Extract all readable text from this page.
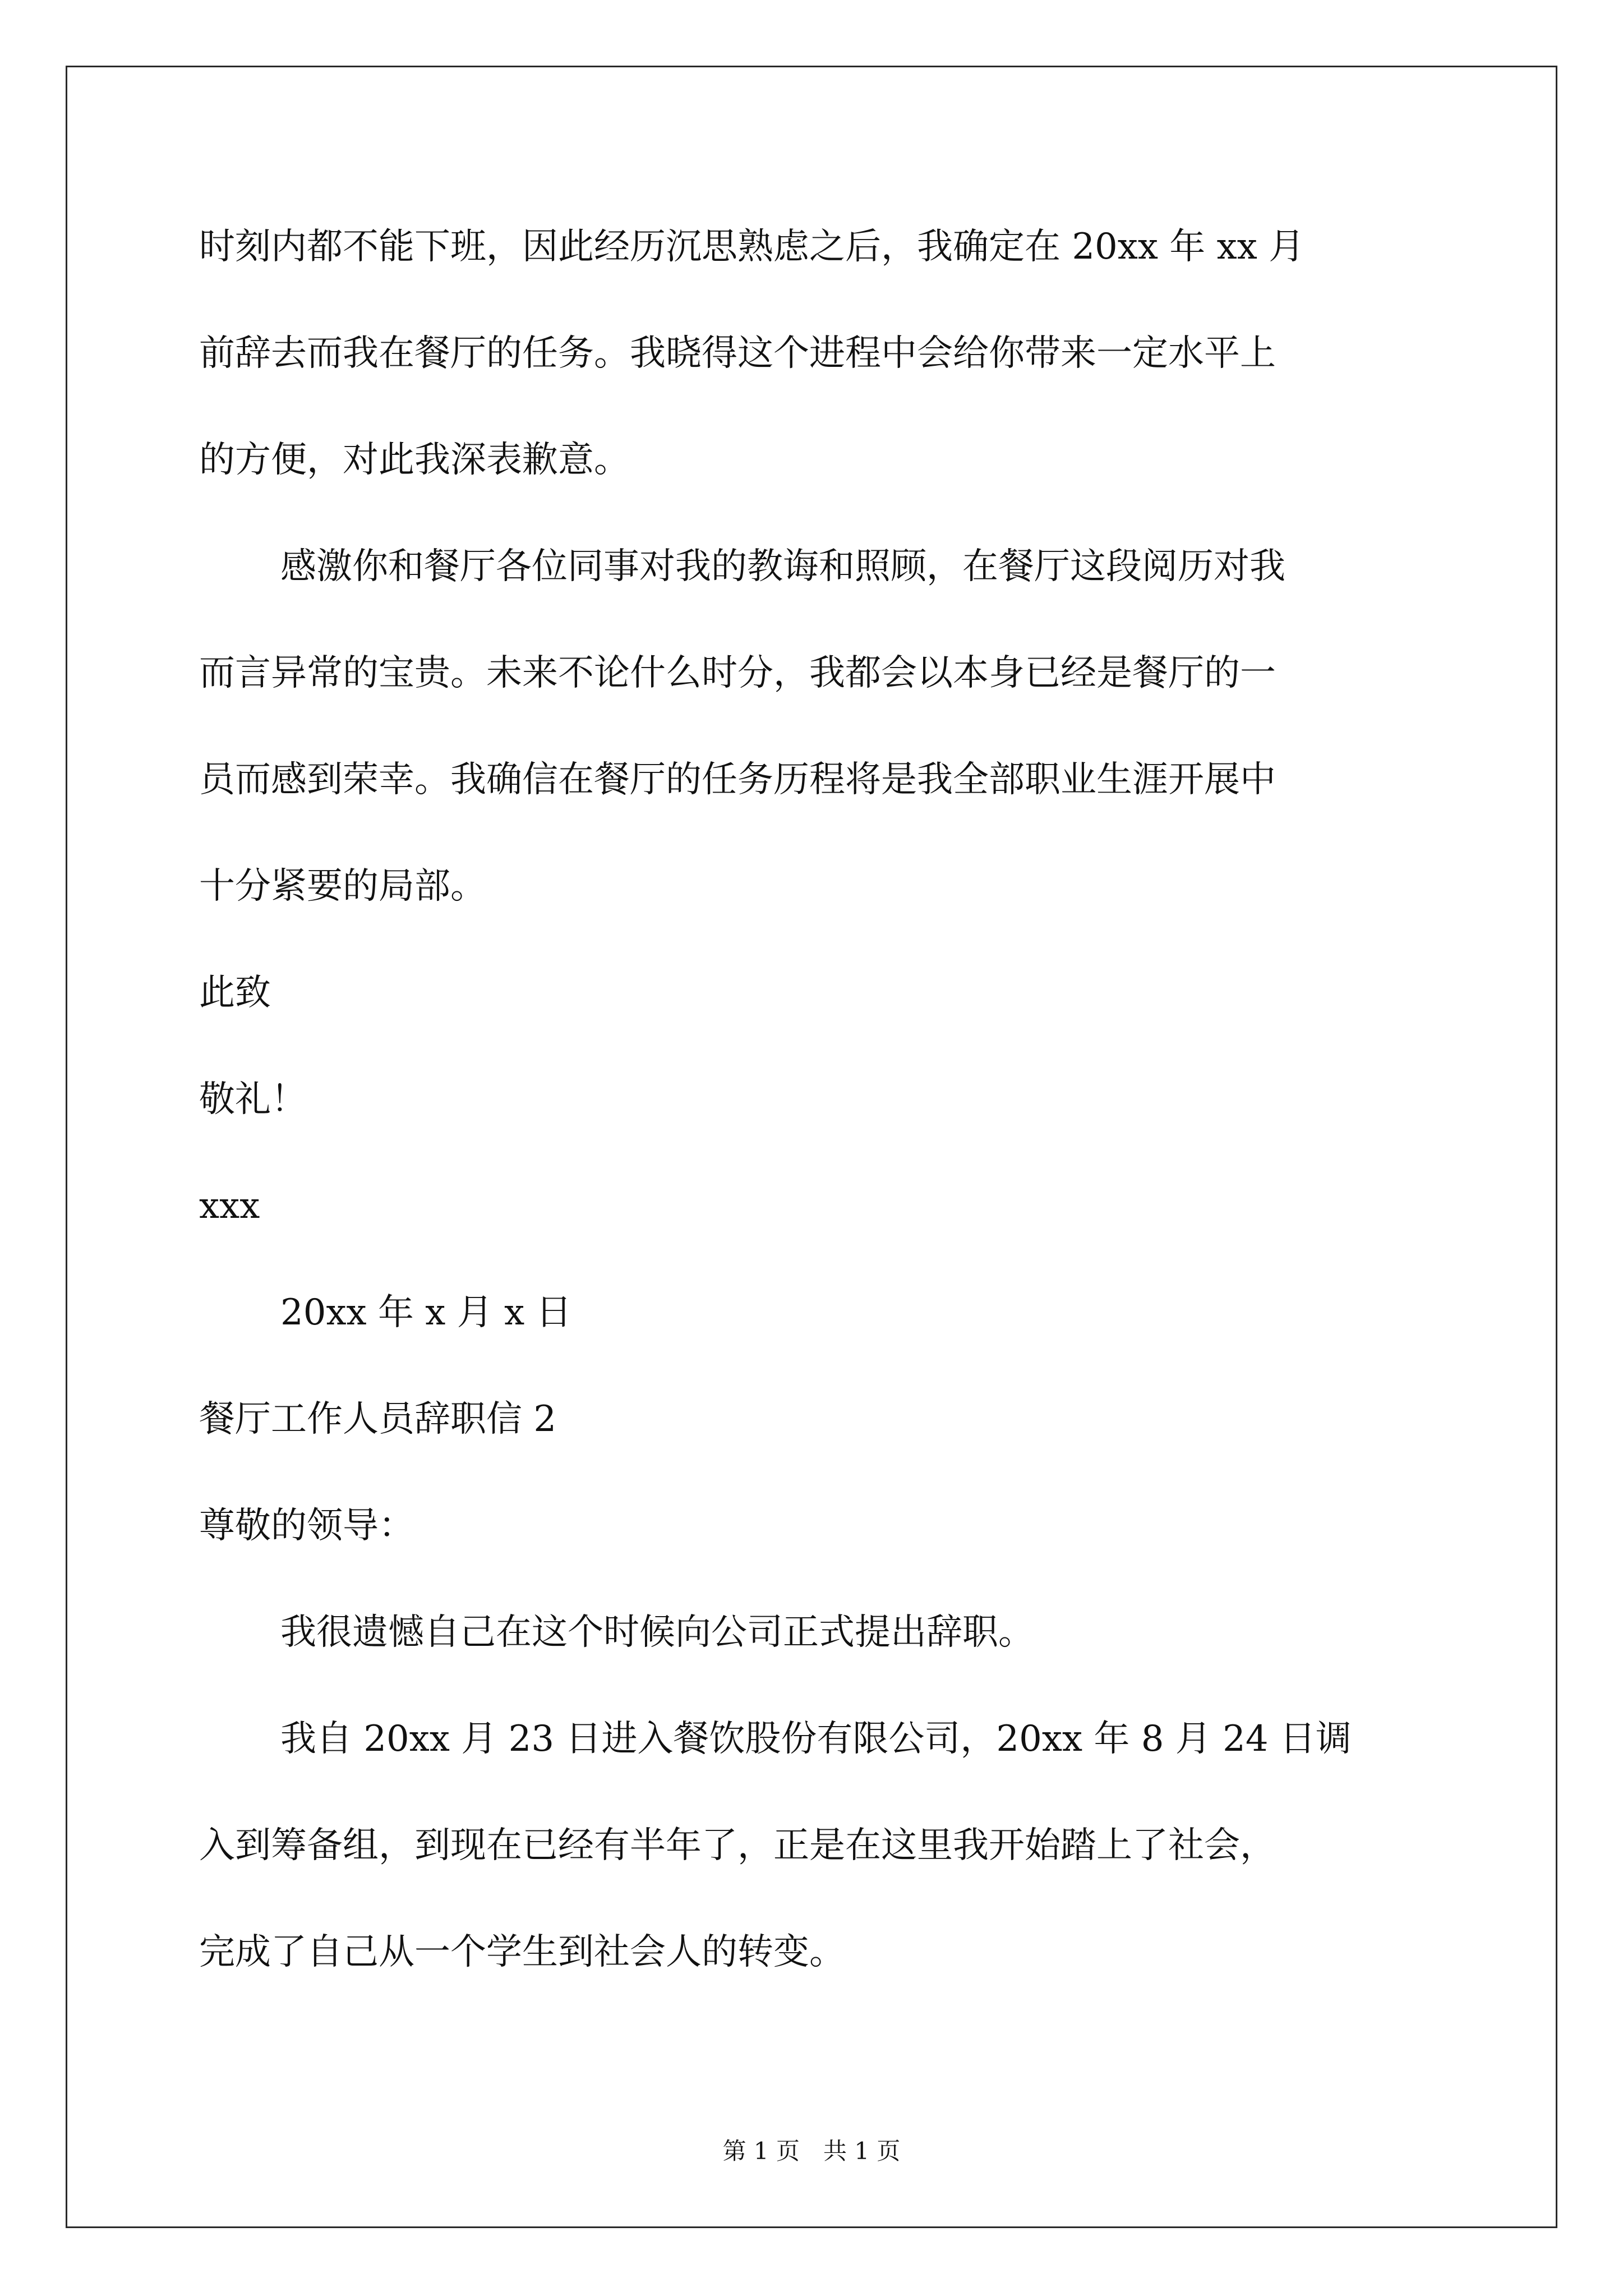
时刻内都不能下班，因此经历沉思熟虑之后，我确定在 20xx 年 xx 月
前辞去而我在餐厅的任务。我晓得这个进程中会给你带来一定水平上
的方便，对此我深表歉意。
感激你和餐厅各位同事对我的教诲和照顾，在餐厅这段阅历对我
而言异常的宝贵。未来不论什么时分，我都会以本身已经是餐厅的一
员而感到荣幸。我确信在餐厅的任务历程将是我全部职业生涯开展中
十分紧要的局部。
此致
敬礼！
xxx
20xx 年 x 月 x 日
餐厅工作人员辞职信 2
尊敬的领导：
我很遗憾自己在这个时候向公司正式提出辞职。
我自 20xx 月 23 日进入餐饮股份有限公司，20xx 年 8 月 24 日调
入到筹备组，到现在已经有半年了，正是在这里我开始踏上了社会，
完成了自己从一个学生到社会人的转变。
第 1 页　共 1 页
